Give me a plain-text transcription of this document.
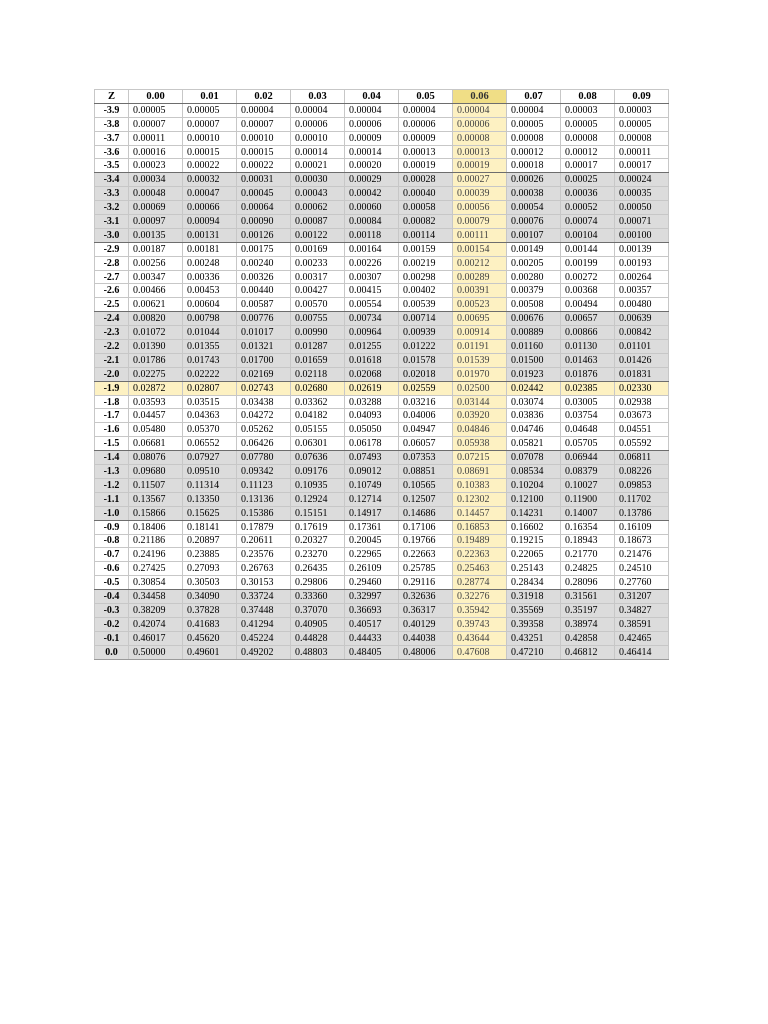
Z	0.00	0.01	0.02	0.03	0.04	0.05	0.06	0.07	0.08	0.09
-3.9	0.00005	0.00005	0.00004	0.00004	0.00004	0.00004	0.00004	0.00004	0.00003	0.00003
-3.8	0.00007	0.00007	0.00007	0.00006	0.00006	0.00006	0.00006	0.00005	0.00005	0.00005
-3.7	0.00011	0.00010	0.00010	0.00010	0.00009	0.00009	0.00008	0.00008	0.00008	0.00008
-3.6	0.00016	0.00015	0.00015	0.00014	0.00014	0.00013	0.00013	0.00012	0.00012	0.00011
-3.5	0.00023	0.00022	0.00022	0.00021	0.00020	0.00019	0.00019	0.00018	0.00017	0.00017
-3.4	0.00034	0.00032	0.00031	0.00030	0.00029	0.00028	0.00027	0.00026	0.00025	0.00024
-3.3	0.00048	0.00047	0.00045	0.00043	0.00042	0.00040	0.00039	0.00038	0.00036	0.00035
-3.2	0.00069	0.00066	0.00064	0.00062	0.00060	0.00058	0.00056	0.00054	0.00052	0.00050
-3.1	0.00097	0.00094	0.00090	0.00087	0.00084	0.00082	0.00079	0.00076	0.00074	0.00071
-3.0	0.00135	0.00131	0.00126	0.00122	0.00118	0.00114	0.00111	0.00107	0.00104	0.00100
-2.9	0.00187	0.00181	0.00175	0.00169	0.00164	0.00159	0.00154	0.00149	0.00144	0.00139
-2.8	0.00256	0.00248	0.00240	0.00233	0.00226	0.00219	0.00212	0.00205	0.00199	0.00193
-2.7	0.00347	0.00336	0.00326	0.00317	0.00307	0.00298	0.00289	0.00280	0.00272	0.00264
-2.6	0.00466	0.00453	0.00440	0.00427	0.00415	0.00402	0.00391	0.00379	0.00368	0.00357
-2.5	0.00621	0.00604	0.00587	0.00570	0.00554	0.00539	0.00523	0.00508	0.00494	0.00480
-2.4	0.00820	0.00798	0.00776	0.00755	0.00734	0.00714	0.00695	0.00676	0.00657	0.00639
-2.3	0.01072	0.01044	0.01017	0.00990	0.00964	0.00939	0.00914	0.00889	0.00866	0.00842
-2.2	0.01390	0.01355	0.01321	0.01287	0.01255	0.01222	0.01191	0.01160	0.01130	0.01101
-2.1	0.01786	0.01743	0.01700	0.01659	0.01618	0.01578	0.01539	0.01500	0.01463	0.01426
-2.0	0.02275	0.02222	0.02169	0.02118	0.02068	0.02018	0.01970	0.01923	0.01876	0.01831
-1.9	0.02872	0.02807	0.02743	0.02680	0.02619	0.02559	0.02500	0.02442	0.02385	0.02330
-1.8	0.03593	0.03515	0.03438	0.03362	0.03288	0.03216	0.03144	0.03074	0.03005	0.02938
-1.7	0.04457	0.04363	0.04272	0.04182	0.04093	0.04006	0.03920	0.03836	0.03754	0.03673
-1.6	0.05480	0.05370	0.05262	0.05155	0.05050	0.04947	0.04846	0.04746	0.04648	0.04551
-1.5	0.06681	0.06552	0.06426	0.06301	0.06178	0.06057	0.05938	0.05821	0.05705	0.05592
-1.4	0.08076	0.07927	0.07780	0.07636	0.07493	0.07353	0.07215	0.07078	0.06944	0.06811
-1.3	0.09680	0.09510	0.09342	0.09176	0.09012	0.08851	0.08691	0.08534	0.08379	0.08226
-1.2	0.11507	0.11314	0.11123	0.10935	0.10749	0.10565	0.10383	0.10204	0.10027	0.09853
-1.1	0.13567	0.13350	0.13136	0.12924	0.12714	0.12507	0.12302	0.12100	0.11900	0.11702
-1.0	0.15866	0.15625	0.15386	0.15151	0.14917	0.14686	0.14457	0.14231	0.14007	0.13786
-0.9	0.18406	0.18141	0.17879	0.17619	0.17361	0.17106	0.16853	0.16602	0.16354	0.16109
-0.8	0.21186	0.20897	0.20611	0.20327	0.20045	0.19766	0.19489	0.19215	0.18943	0.18673
-0.7	0.24196	0.23885	0.23576	0.23270	0.22965	0.22663	0.22363	0.22065	0.21770	0.21476
-0.6	0.27425	0.27093	0.26763	0.26435	0.26109	0.25785	0.25463	0.25143	0.24825	0.24510
-0.5	0.30854	0.30503	0.30153	0.29806	0.29460	0.29116	0.28774	0.28434	0.28096	0.27760
-0.4	0.34458	0.34090	0.33724	0.33360	0.32997	0.32636	0.32276	0.31918	0.31561	0.31207
-0.3	0.38209	0.37828	0.37448	0.37070	0.36693	0.36317	0.35942	0.35569	0.35197	0.34827
-0.2	0.42074	0.41683	0.41294	0.40905	0.40517	0.40129	0.39743	0.39358	0.38974	0.38591
-0.1	0.46017	0.45620	0.45224	0.44828	0.44433	0.44038	0.43644	0.43251	0.42858	0.42465
0.0	0.50000	0.49601	0.49202	0.48803	0.48405	0.48006	0.47608	0.47210	0.46812	0.46414
